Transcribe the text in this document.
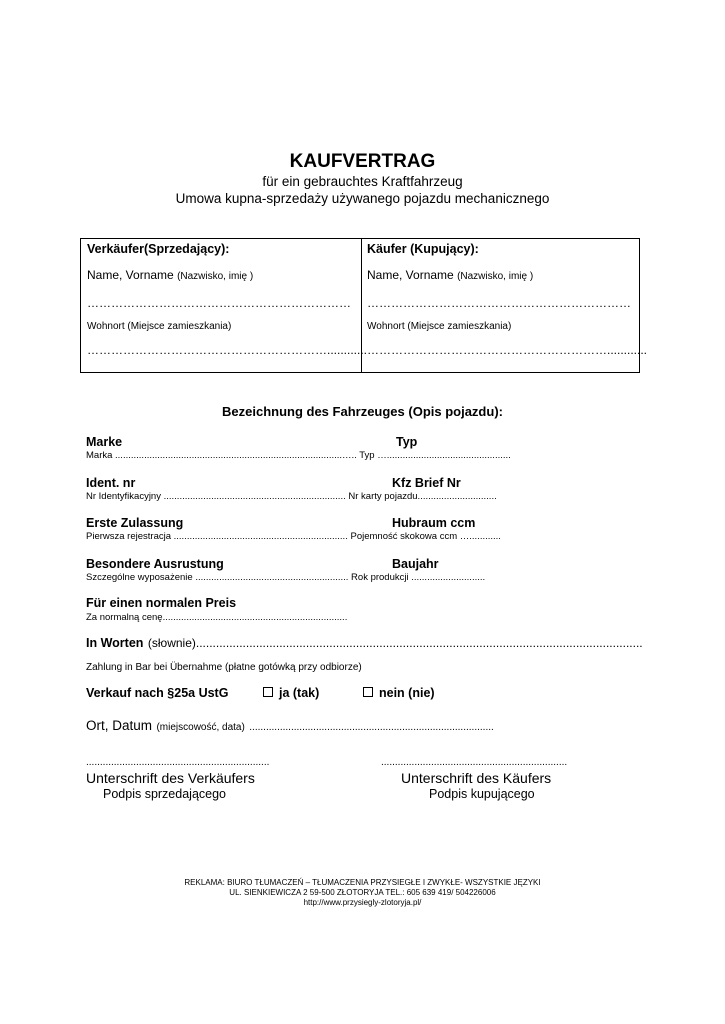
KAUFVERTRAG
für ein gebrauchtes Kraftfahrzeug
Umowa kupna-sprzedaży używanego pojazdu mechanicznego
Verkäufer(Sprzedający):
Name, Vorname (Nazwisko, imię )
…………………………………………………………
Wohnort (Miejsce zamieszkania)
……………………………………………………............
Käufer (Kupujący):
Name, Vorname (Nazwisko, imię )
…………………………………………………………
Wohnort (Miejsce zamieszkania)
……………………………………………………............
Bezeichnung des Fahrzeuges (Opis pojazdu):
Marke	Typ
Marka ......................................................................................….. Typ …...............................................
Ident. nr	Kfz Brief Nr
Nr Identyfikacyjny ..................................................................... Nr karty pojazdu..............................
Erste Zulassung	Hubraum ccm
Pierwsza rejestracja .................................................................. Pojemność skokowa ccm …............
Besondere Ausrustung	Baujahr
Szczególne wyposażenie .......................................................... Rok produkcji ............................
Für einen normalen Preis
Za normalną cenę......................................................................
In Worten (słownie)......................................................................................................................................
Zahlung in Bar bei Übernahme (płatne gotówką przy odbiorze)
Verkauf nach §25a UstG	ja (tak)	nein (nie)
Ort, Datum (miejscowość, data) ........................................................................................
..................................................................	...................................................................
Unterschrift des Verkäufers
Podpis sprzedającego
Unterschrift des Käufers
Podpis kupującego
REKLAMA: BIURO TŁUMACZEŃ – TŁUMACZENIA PRZYSIEGŁE I ZWYKŁE- WSZYSTKIE JĘZYKI
UL. SIENKIEWICZA 2 59-500 ZŁOTORYJA TEL.: 605 639 419/ 504226006
http://www.przysiegly-zlotoryja.pl/
